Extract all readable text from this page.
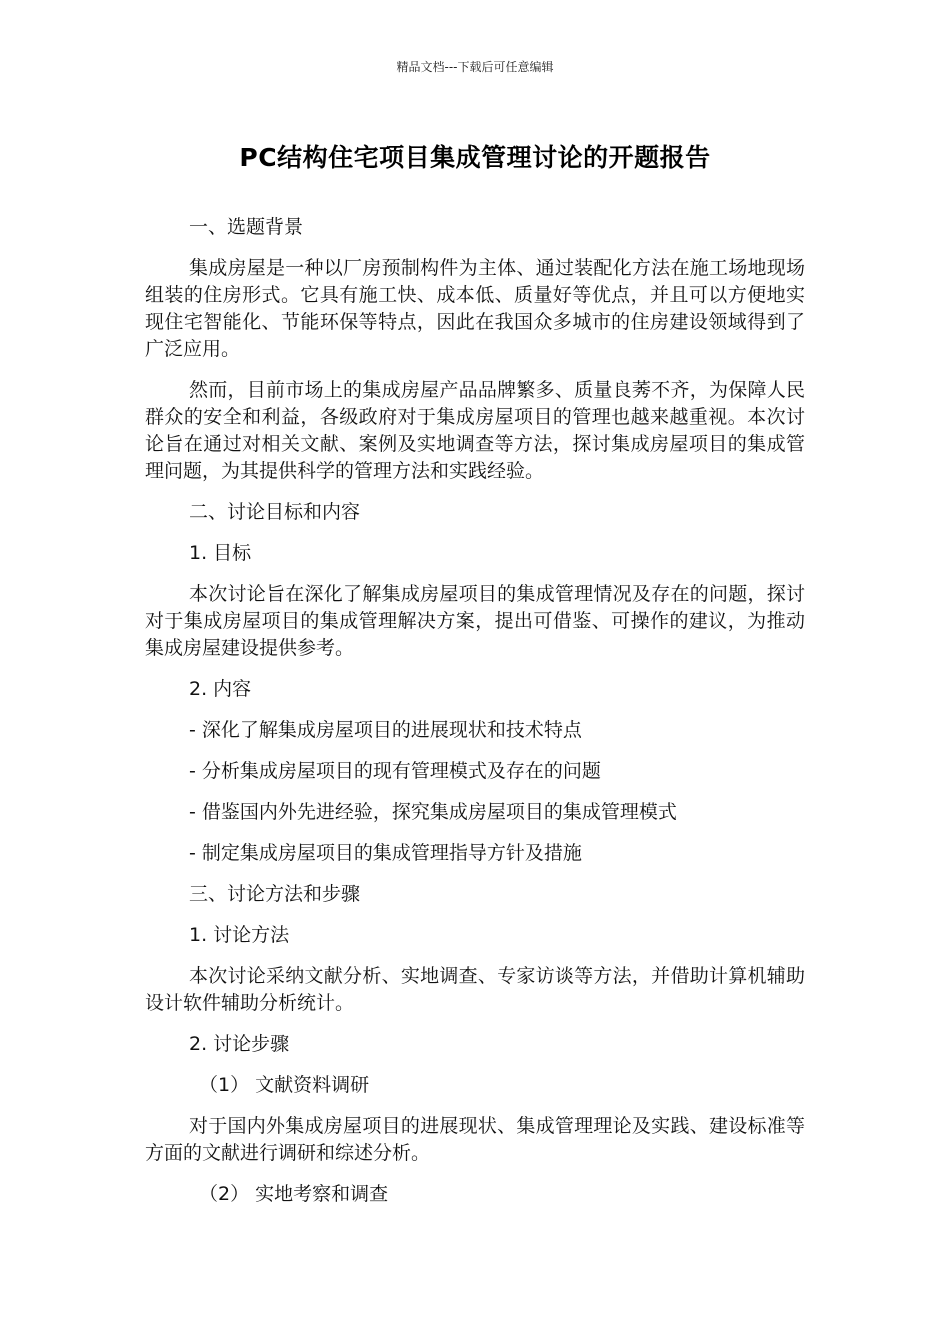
精品文档---下载后可任意编辑
PC结构住宅项目集成管理讨论的开题报告
一、选题背景
集成房屋是一种以厂房预制构件为主体、通过装配化方法在施工场地现场组装的住房形式。它具有施工快、成本低、质量好等优点，并且可以方便地实现住宅智能化、节能环保等特点，因此在我国众多城市的住房建设领域得到了广泛应用。
然而，目前市场上的集成房屋产品品牌繁多、质量良莠不齐，为保障人民群众的安全和利益，各级政府对于集成房屋项目的管理也越来越重视。本次讨论旨在通过对相关文献、案例及实地调查等方法，探讨集成房屋项目的集成管理问题，为其提供科学的管理方法和实践经验。
二、讨论目标和内容
1. 目标
本次讨论旨在深化了解集成房屋项目的集成管理情况及存在的问题，探讨对于集成房屋项目的集成管理解决方案，提出可借鉴、可操作的建议，为推动集成房屋建设提供参考。
2. 内容
- 深化了解集成房屋项目的进展现状和技术特点
- 分析集成房屋项目的现有管理模式及存在的问题
- 借鉴国内外先进经验，探究集成房屋项目的集成管理模式
- 制定集成房屋项目的集成管理指导方针及措施
三、讨论方法和步骤
1. 讨论方法
本次讨论采纳文献分析、实地调查、专家访谈等方法，并借助计算机辅助设计软件辅助分析统计。
2. 讨论步骤
（1） 文献资料调研
对于国内外集成房屋项目的进展现状、集成管理理论及实践、建设标准等方面的文献进行调研和综述分析。
（2） 实地考察和调查
